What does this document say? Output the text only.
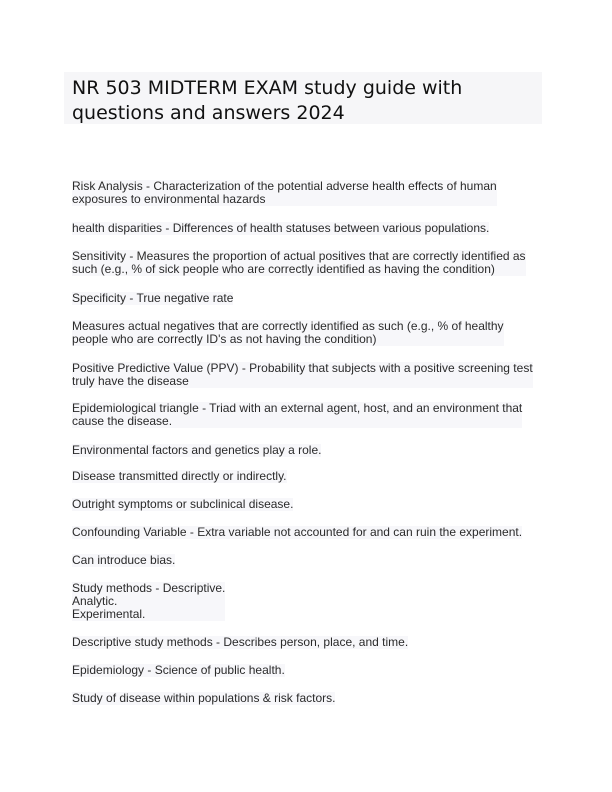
NR 503 MIDTERM EXAM study guide with questions and answers 2024

Risk Analysis - Characterization of the potential adverse health effects of human
exposures to environmental hazards

health disparities - Differences of health statuses between various populations.

Sensitivity - Measures the proportion of actual positives that are correctly identified as
such (e.g., % of sick people who are correctly identified as having the condition)

Specificity - True negative rate

Measures actual negatives that are correctly identified as such (e.g., % of healthy
people who are correctly ID's as not having the condition)

Positive Predictive Value (PPV) - Probability that subjects with a positive screening test
truly have the disease

Epidemiological triangle - Triad with an external agent, host, and an environment that
cause the disease.

Environmental factors and genetics play a role.

Disease transmitted directly or indirectly.

Outright symptoms or subclinical disease.

Confounding Variable - Extra variable not accounted for and can ruin the experiment.

Can introduce bias.

Study methods - Descriptive.
Analytic.
Experimental.

Descriptive study methods - Describes person, place, and time.

Epidemiology - Science of public health.

Study of disease within populations & risk factors.
